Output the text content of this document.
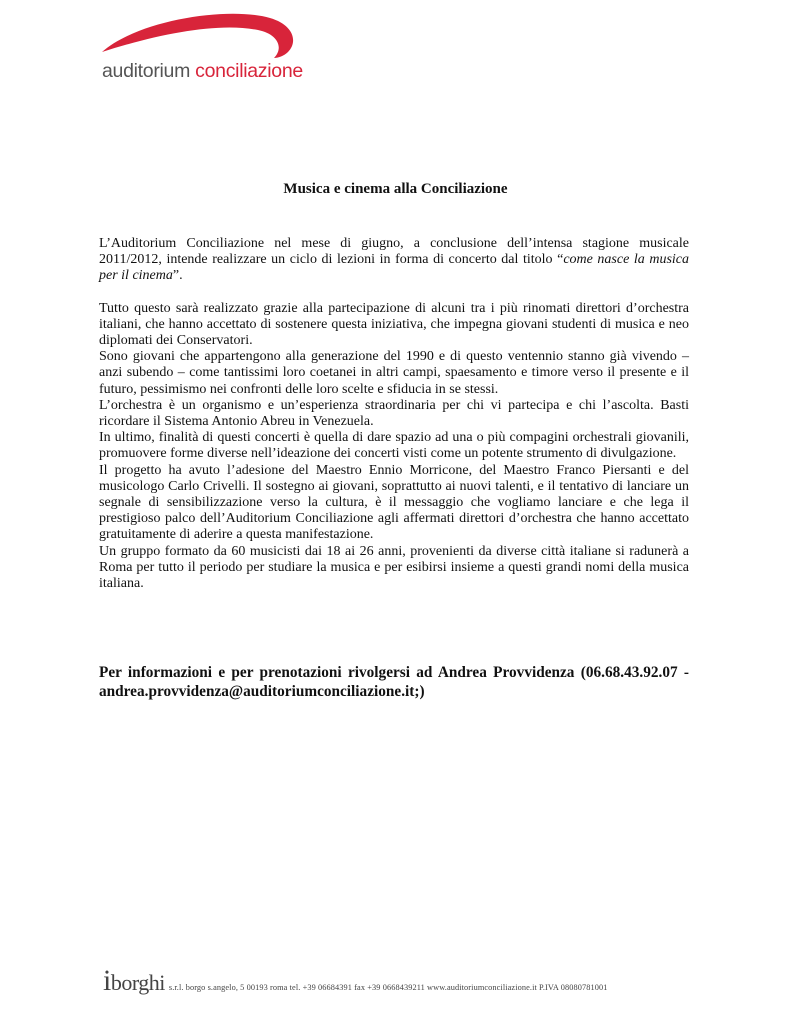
auditorium conciliazione
Musica e cinema alla Conciliazione

L’Auditorium Conciliazione nel mese di giugno, a conclusione dell’intensa stagione musicale 2011/2012, intende realizzare un ciclo di lezioni in forma di concerto dal titolo “come nasce la musica per il cinema”.

Tutto questo sarà realizzato grazie alla partecipazione di alcuni tra i più rinomati direttori d’orchestra italiani, che hanno accettato di sostenere questa iniziativa, che impegna giovani studenti di musica e neo diplomati dei Conservatori.

Sono giovani che appartengono alla generazione del 1990 e di questo ventennio stanno già vivendo – anzi subendo – come tantissimi loro coetanei in altri campi, spaesamento e timore verso il presente e il futuro, pessimismo nei confronti delle loro scelte e sfiducia in se stessi.

L’orchestra è un organismo e un’esperienza straordinaria per chi vi partecipa e chi l’ascolta. Basti ricordare il Sistema Antonio Abreu in Venezuela.

In ultimo, finalità di questi concerti è quella di dare spazio ad una o più compagini orchestrali giovanili, promuovere forme diverse nell’ideazione dei concerti visti come un potente strumento di divulgazione.

Il progetto ha avuto l’adesione del Maestro Ennio Morricone, del Maestro Franco Piersanti e del musicologo Carlo Crivelli. Il sostegno ai giovani, soprattutto ai nuovi talenti, e il tentativo di lanciare un segnale di sensibilizzazione verso la cultura, è il messaggio che vogliamo lanciare e che lega il prestigioso palco dell’Auditorium Conciliazione agli affermati direttori d’orchestra che hanno accettato gratuitamente di aderire a questa manifestazione.

Un gruppo formato da 60 musicisti dai 18 ai 26 anni, provenienti da diverse città italiane si radunerà a Roma per tutto il periodo per studiare la musica e per esibirsi insieme a questi grandi nomi della musica italiana.

Per informazioni e per prenotazioni rivolgersi ad Andrea Provvidenza (06.68.43.92.07 - andrea.provvidenza@auditoriumconciliazione.it;)
iborghi s.r.l. borgo s.angelo, 5 00193 roma tel. +39 06684391 fax +39 0668439211 www.auditoriumconciliazione.it P.IVA 08080781001
